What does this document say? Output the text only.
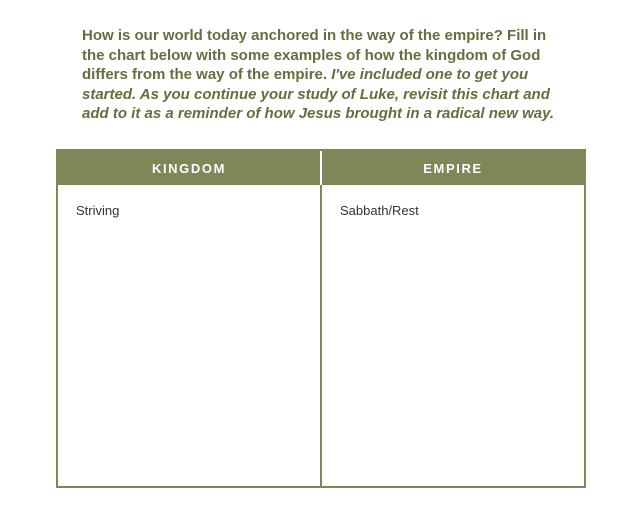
How is our world today anchored in the way of the empire? Fill in the chart below with some examples of how the kingdom of God differs from the way of the empire. I've included one to get you started. As you continue your study of Luke, revisit this chart and add to it as a reminder of how Jesus brought in a radical new way.

KINGDOM	EMPIRE
Striving	Sabbath/Rest
